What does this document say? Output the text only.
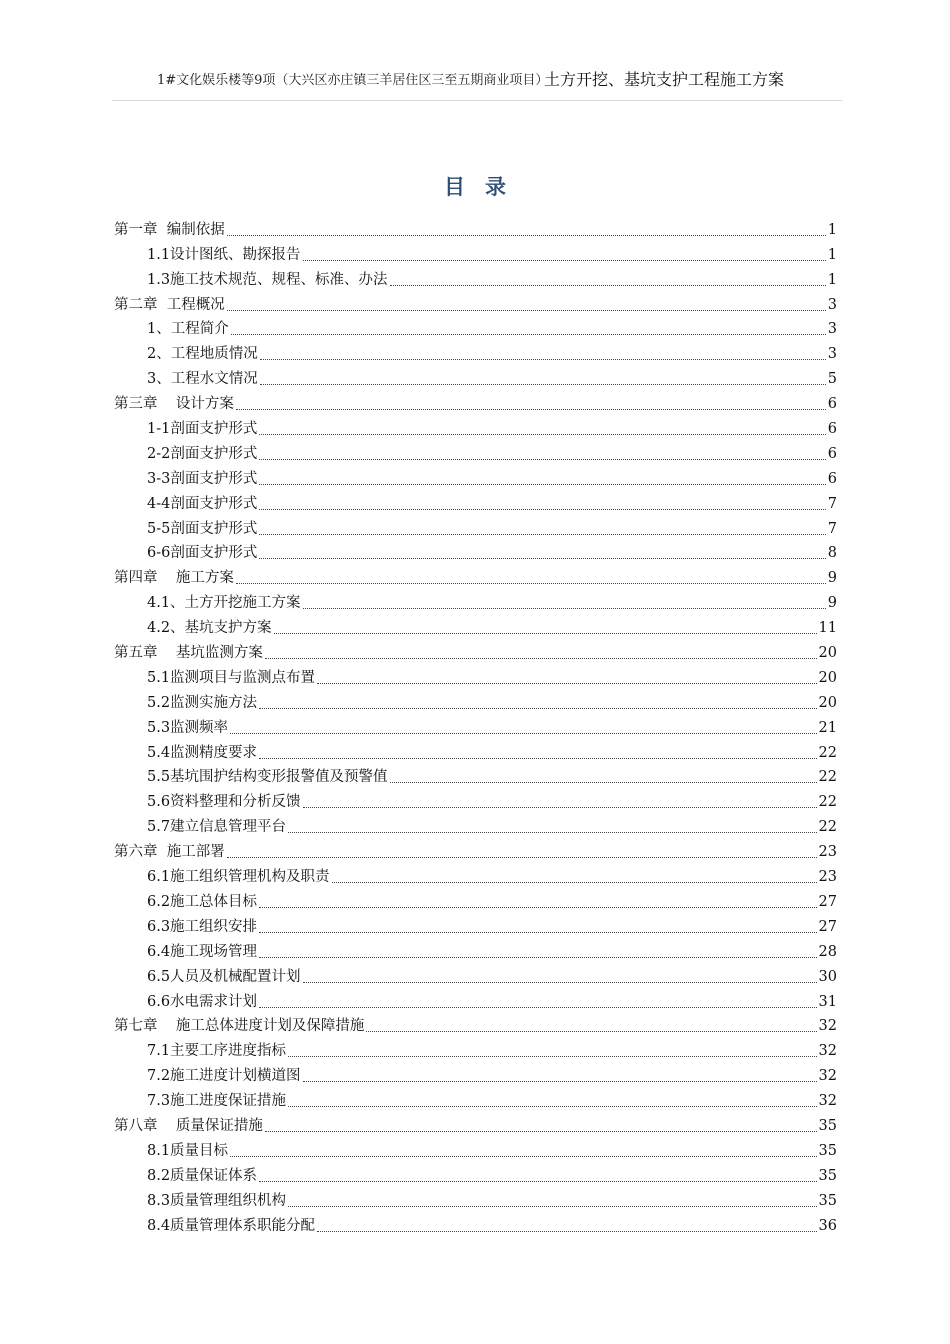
1#文化娱乐楼等9项（大兴区亦庄镇三羊居住区三至五期商业项目）
土方开挖、基坑支护工程施工方案
目录
第一章  编制依据	1
1.1设计图纸、勘探报告	1
1.3施工技术规范、规程、标准、办法	1
第二章  工程概况	3
1、工程简介	3
2、工程地质情况	3
3、工程水文情况	5
第三章    设计方案	6
1-1剖面支护形式	6
2-2剖面支护形式	6
3-3剖面支护形式	6
4-4剖面支护形式	7
5-5剖面支护形式	7
6-6剖面支护形式	8
第四章    施工方案	9
4.1、土方开挖施工方案	9
4.2、基坑支护方案	11
第五章    基坑监测方案	20
5.1监测项目与监测点布置	20
5.2监测实施方法	20
5.3监测频率	21
5.4监测精度要求	22
5.5基坑围护结构变形报警值及预警值	22
5.6资料整理和分析反馈	22
5.7建立信息管理平台	22
第六章  施工部署	23
6.1施工组织管理机构及职责	23
6.2施工总体目标	27
6.3施工组织安排	27
6.4施工现场管理	28
6.5人员及机械配置计划	30
6.6水电需求计划	31
第七章    施工总体进度计划及保障措施	32
7.1主要工序进度指标	32
7.2施工进度计划横道图	32
7.3施工进度保证措施	32
第八章    质量保证措施	35
8.1质量目标	35
8.2质量保证体系	35
8.3质量管理组织机构	35
8.4质量管理体系职能分配	36
